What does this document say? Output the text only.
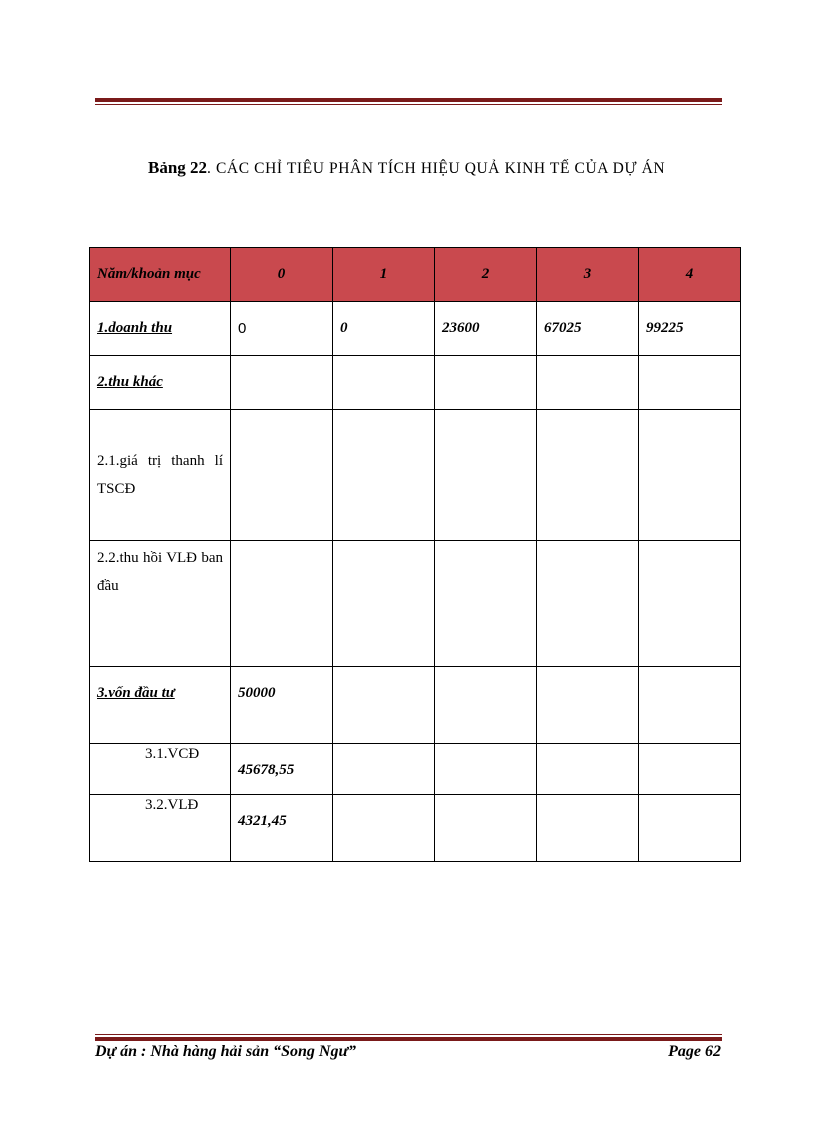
Bảng 22. CÁC CHỈ TIÊU PHÂN TÍCH HIỆU QUẢ KINH TẾ CỦA DỰ ÁN
Năm/khoản mục	0	1	2	3	4
1.doanh thu	0	0	23600	67025	99225
2.thu khác					
2.1.giá trị thanh lí TSCĐ					
2.2.thu hồi VLĐ ban đầu					
3.vốn đầu tư	50000				
3.1.VCĐ	45678,55				
3.2.VLĐ	4321,45				
Dự án : Nhà hàng hải sản “Song Ngư”	Page 62
